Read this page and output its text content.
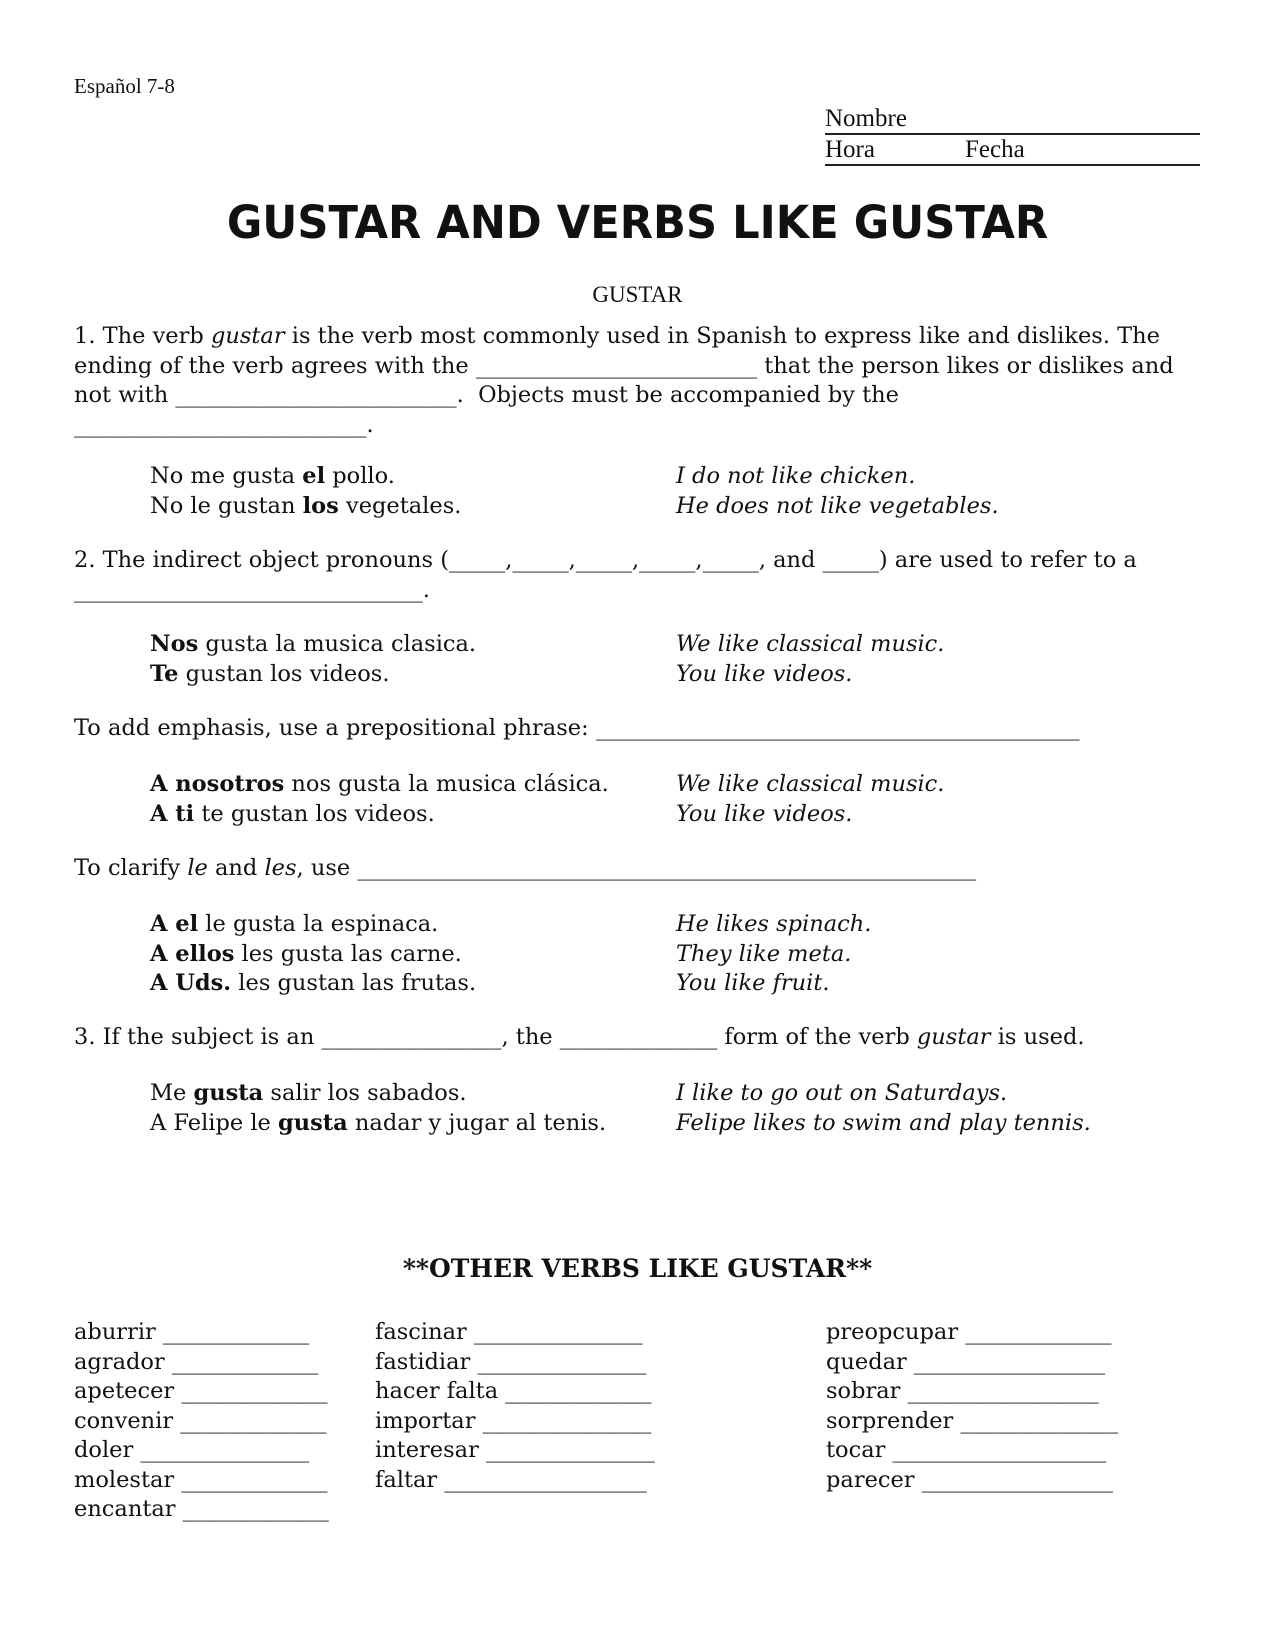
Español 7-8
Nombre
Hora	Fecha
GUSTAR AND VERBS LIKE GUSTAR
GUSTAR
1. The verb gustar is the verb most commonly used in Spanish to express like and dislikes. The ending of the verb agrees with the _________________________ that the person likes or dislikes and not with _________________________.  Objects must be accompanied by the __________________________.
No me gusta el pollo.	I do not like chicken.
No le gustan los vegetales.	He does not like vegetables.
2. The indirect object pronouns (_____,_____,_____,_____,_____, and _____) are used to refer to a _______________________________.
Nos gusta la musica clasica.	We like classical music.
Te gustan los videos.	You like videos.
To add emphasis, use a prepositional phrase: ___________________________________________
A nosotros nos gusta la musica clásica.	We like classical music.
A ti te gustan los videos.	You like videos.
To clarify le and les, use _______________________________________________________
A el le gusta la espinaca.	He likes spinach.
A ellos les gusta las carne.	They like meta.
A Uds. les gustan las frutas.	You like fruit.
3. If the subject is an ________________, the ______________ form of the verb gustar is used.
Me gusta salir los sabados.	I like to go out on Saturdays.
A Felipe le gusta nadar y jugar al tenis.	Felipe likes to swim and play tennis.
**OTHER VERBS LIKE GUSTAR**
aburrir _____________
agrador _____________
apetecer _____________
convenir _____________
doler _______________
molestar _____________
encantar _____________
fascinar _______________
fastidiar _______________
hacer falta _____________
importar _______________
interesar _______________
faltar __________________
preopcupar _____________
quedar _________________
sobrar _________________
sorprender ______________
tocar ___________________
parecer _________________
